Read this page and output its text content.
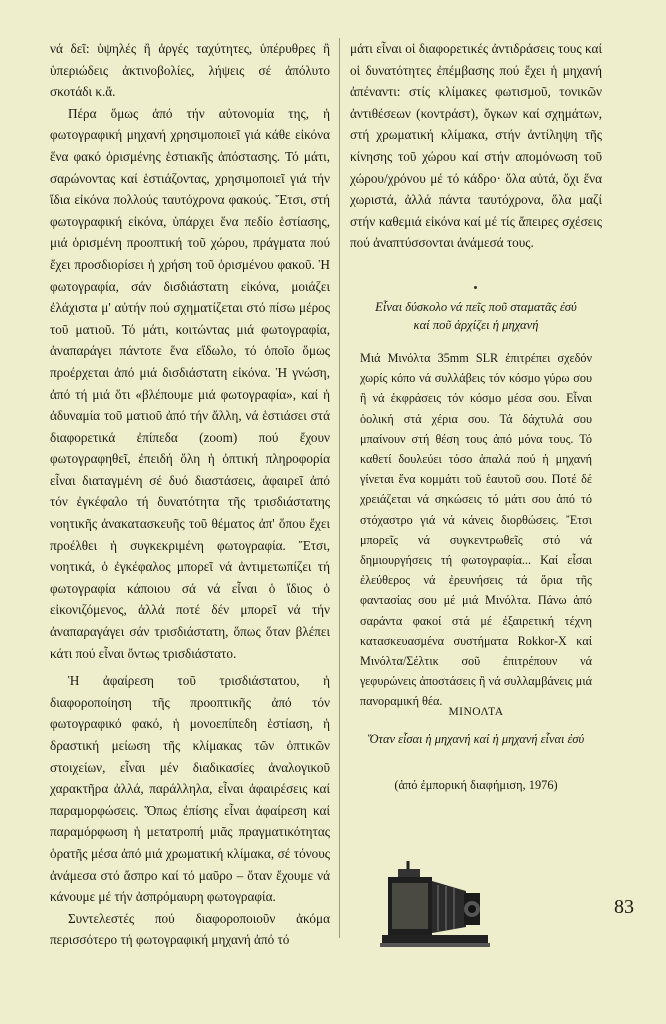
νά δεῖ: ὑψηλές ἢ ἀργές ταχύτητες, ὑπέρυθρες ἢ ὑπεριώδεις ἀκτινοβολίες, λήψεις σέ ἀπόλυτο σκοτάδι κ.ἄ.

Πέρα ὅμως ἀπό τήν αὐτονομία της, ἡ φωτογραφική μηχανή χρησιμοποιεῖ γιά κάθε εἰκόνα ἕνα φακό ὁρισμένης ἑστιακῆς ἀπόστασης. Τό μάτι, σαρώνοντας καί ἑστιάζοντας, χρησιμοποιεῖ γιά τήν ἴδια εἰκόνα πολλούς ταυτόχρονα φακούς. Ἔτσι, στή φωτογραφική εἰκόνα, ὑπάρχει ἕνα πεδίο ἑστίασης, μιά ὁρισμένη προοπτική τοῦ χώρου, πράγματα πού ἔχει προσδιορίσει ἡ χρήση τοῦ ὁρισμένου φακοῦ. Ἡ φωτογραφία, σάν δισδιάστατη εἰκόνα, μοιάζει ἐλάχιστα μ' αὐτήν πού σχηματίζεται στό πίσω μέρος τοῦ ματιοῦ. Τό μάτι, κοιτώντας μιά φωτογραφία, ἀναπαράγει πάντοτε ἕνα εἴδωλο, τό ὁποῖο ὅμως προέρχεται ἀπό μιά δισδιάστατη εἰκόνα. Ἡ γνώση, ἀπό τή μιά ὅτι «βλέπουμε μιά φωτογραφία», καί ἡ ἀδυναμία τοῦ ματιοῦ ἀπό τήν ἄλλη, νά ἑστιάσει στά διαφορετικά ἐπίπεδα (zoom) πού ἔχουν φωτογραφηθεῖ, ἐπειδή ὅλη ἡ ὀπτική πληροφορία εἶναι διαταγμένη σέ δυό διαστάσεις, ἀφαιρεῖ ἀπό τόν ἐγκέφαλο τή δυνατότητα τῆς τρισδιάστατης νοητικῆς ἀνακατασκευῆς τοῦ θέματος ἀπ' ὅπου ἔχει προέλθει ἡ συγκεκριμένη φωτογραφία. Ἔτσι, νοητικά, ὁ ἐγκέφαλος μπορεῖ νά ἀντιμετωπίζει τή φωτογραφία κάπoιου σά νά εἶναι ὁ ἴδιος ὁ εἰκονιζόμενος, ἀλλά ποτέ δέν μπορεῖ νά τήν ἀναπαραγάγει σάν τρισδιάστατη, ὅπως ὅταν βλέπει κάτι πού εἶναι ὄντως τρισδιάστατο.

Ἡ ἀφαίρεση τοῦ τρισδιάστατου, ἡ διαφοροποίηση τῆς προοπτικῆς ἀπό τόν φωτογραφικό φακό, ἡ μονοεπίπεδη ἑστίαση, ἡ δραστική μείωση τῆς κλίμακας τῶν ὀπτικῶν στοιχείων, εἶναι μέν διαδικασίες ἀναλογικοῦ χαρακτῆρα ἀλλά, παράλληλα, εἶναι ἀφαιρέσεις καί παραμορφώσεις. Ὅπως ἐπίσης εἶναι ἀφαίρεση καί παραμόρφωση ἡ μετατροπή μιᾶς πραγματικότητας ὁρατῆς μέσα ἀπό μιά χρωματική κλίμακα, σέ τόνους ἀνάμεσα στό ἄσπρο καί τό μαῦρο – ὅταν ἔχουμε νά κάνουμε μέ τήν ἀσπρόμαυρη φωτογραφία.

Συντελεστές πού διαφοροποιοῦν ἀκόμα περισσότερο τή φωτογραφική μηχανή ἀπό τό

μάτι εἶναι οἱ διαφορετικές ἀντιδράσεις τους καί οἱ δυνατότητες ἐπέμβασης πού ἔχει ἡ μηχανή ἀπέναντι: στίς κλίμακες φωτισμοῦ, τονικῶν ἀντιθέσεων (κοντράστ), ὄγκων καί σχημάτων, στή χρωματική κλίμακα, στήν ἀντίληψη τῆς κίνησης τοῦ χώρου καί στήν απομόνωση τοῦ χώρου/χρόνου μέ τό κάδρο· ὅλα αὐτά, ὄχι ἕνα χωριστά, ἀλλά πάντα ταυτόχρονα, ὅλα μαζί στήν καθεμιά εἰκόνα καί μέ τίς ἄπειρες σχέσεις πού ἀναπτύσσονται ἀνάμεσά τους.

Εἶναι δύσκολο νά πεῖς ποῦ σταματᾶς ἐσύ
καί ποῦ ἀρχίζει ἡ μηχανή

Μιά Μινόλτα 35mm SLR ἐπιτρέπει σχεδόν χωρίς κόπο νά συλλάβεις τόν κόσμο γύρω σου ἢ νά ἐκφράσεις τόν κόσμο μέσα σου. Εἶναι ὁολική στά χέρια σου. Τά δάχτυλά σου μπαίνουν στή θέση τους ἀπό μόνα τους. Τό καθετί δουλεύει τόσο ἁπαλά πού ἡ μηχανή γίνεται ἕνα κομμάτι τοῦ ἑαυτοῦ σου. Ποτέ δέ χρειάζεται νά σηκώσεις τό μάτι σου ἀπό τό στόχαστρο γιά νά κάνεις διορθώσεις. Ἔτσι μπορεῖς νά συγκεντρωθεῖς στό νά δημιουργήσεις τή φωτογραφία... Καί εἶσαι ἐλεύθερος νά ἐρευνήσεις τά ὅρια τῆς φαντασίας σου μέ μιά Μινόλτα. Πάνω ἀπό σαράντα φακοί στά μέ ἐξαιρετική τέχνη κατασκευασμένα συστήματα Rokkor-X καί Μινόλτα/Σέλτικ σοῦ ἐπιτρέπουν νά γεφυρώνεις ἀποστάσεις ἢ νά συλλαμβάνεις μιά πανοραμική θέα.

ΜΙΝΟΛΤΑ
Ὅταν εἶσαι ἡ μηχανή καί ἡ μηχανή εἶναι ἐσύ
(ἀπό ἐμπορική διαφήμιση, 1976)
83
